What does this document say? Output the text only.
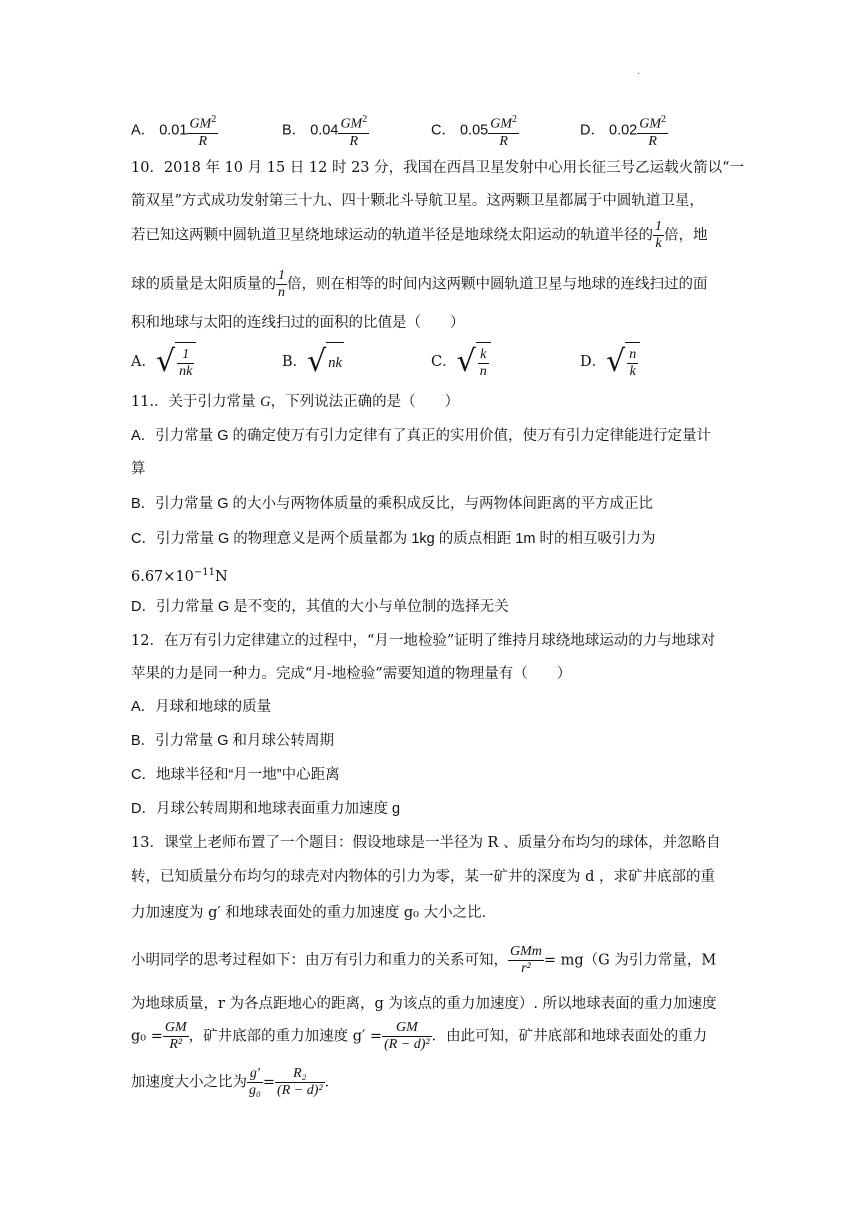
.
A． $0.01 \frac{GM^2}{R}$	B． $0.04 \frac{GM^2}{R}$	C． $0.05 \frac{GM^2}{R}$	D． $0.02 \frac{GM^2}{R}$
10．2018 年 10 月 15 日 12 时 23 分，我国在西昌卫星发射中心用长征三号乙运载火箭以“一
箭双星”方式成功发射第三十九、四十颗北斗导航卫星。这两颗卫星都属于中圆轨道卫星，
若已知这两颗中圆轨道卫星绕地球运动的轨道半径是地球绕太阳运动的轨道半径的 $\frac{1}{k}$ 倍，地
球的质量是太阳质量的 $\frac{1}{n}$ 倍，则在相等的时间内这两颗中圆轨道卫星与地球的连线扫过的面
积和地球与太阳的连线扫过的面积的比值是（　　）
A． √ $\frac{1}{nk}$	B． √ nk	C． √ $\frac{k}{n}$	D． √ $\frac{n}{k}$
11.．关于引力常量 G，下列说法正确的是（　　）
A．引力常量 G 的确定使万有引力定律有了真正的实用价值，使万有引力定律能进行定量计
算
B．引力常量 G 的大小与两物体质量的乘积成反比，与两物体间距离的平方成正比
C．引力常量 G 的物理意义是两个质量都为 1kg 的质点相距 1m 时的相互吸引力为
$6.67\times 10^{-11}N$
D．引力常量 G 是不变的，其值的大小与单位制的选择无关
12．在万有引力定律建立的过程中，“月一地检验”证明了维持月球绕地球运动的力与地球对
苹果的力是同一种力。完成“月-地检验”需要知道的物理量有（　　）
A．月球和地球的质量
B．引力常量 G 和月球公转周期
C．地球半径和“月一地”中心距离
D．月球公转周期和地球表面重力加速度 g
13．课堂上老师布置了一个题目：假设地球是一半径为 R 、质量分布均匀的球体，并忽略自
转，已知质量分布均匀的球壳对内物体的引力为零，某一矿井的深度为 d ，求矿井底部的重
力加速度为 g′ 和地球表面处的重力加速度 g₀ 大小之比．
小明同学的思考过程如下：由万有引力和重力的关系可知， $\frac{\text{GMm}}{\text{r²}} = mg(G$ 为引力常量，M
为地球质量，r 为各点距地心的距离，g 为该点的重力加速度）. 所以地球表面的重力加速度
$g_0 = \frac{GM}{\text{R²}}$ ，矿井底部的重力加速度 $g' = \frac{GM}{\text{(R − d)²}}$ ．由此可知，矿井底部和地球表面处的重力
加速度大小之比为 $\frac{g'}{\text{g₀}} = \frac{\text{R₂}}{\text{(R − d)²}}$ ．
